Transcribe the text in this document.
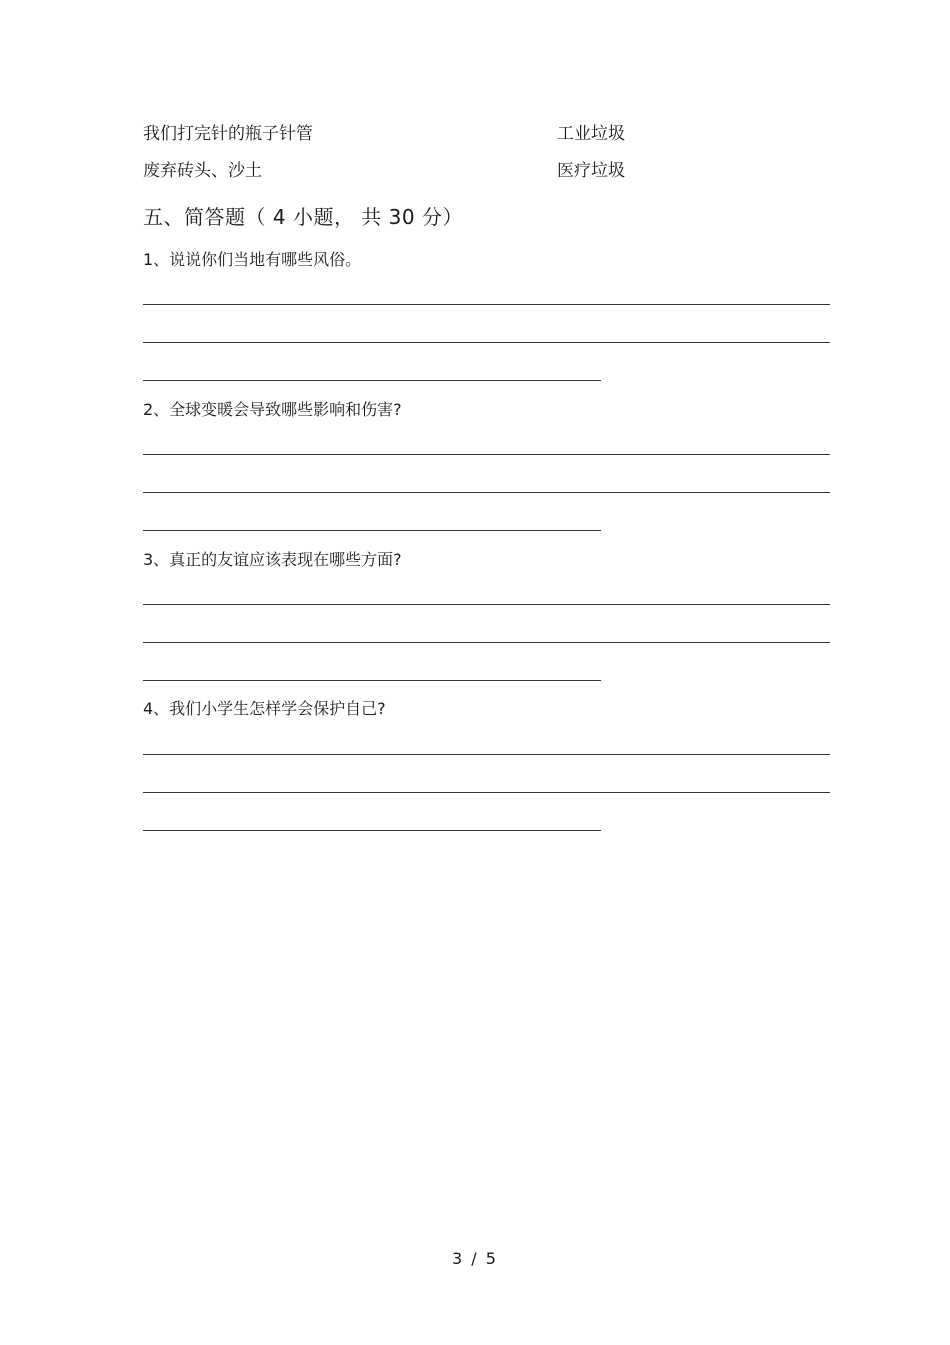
我们打完针的瓶子针管	工业垃圾
废弃砖头、沙土	医疗垃圾
五、简答题（ 4 小题， 共 30 分）
1、说说你们当地有哪些风俗。
2、全球变暖会导致哪些影响和伤害?
3、真正的友谊应该表现在哪些方面?
4、我们小学生怎样学会保护自己?
3 / 5
